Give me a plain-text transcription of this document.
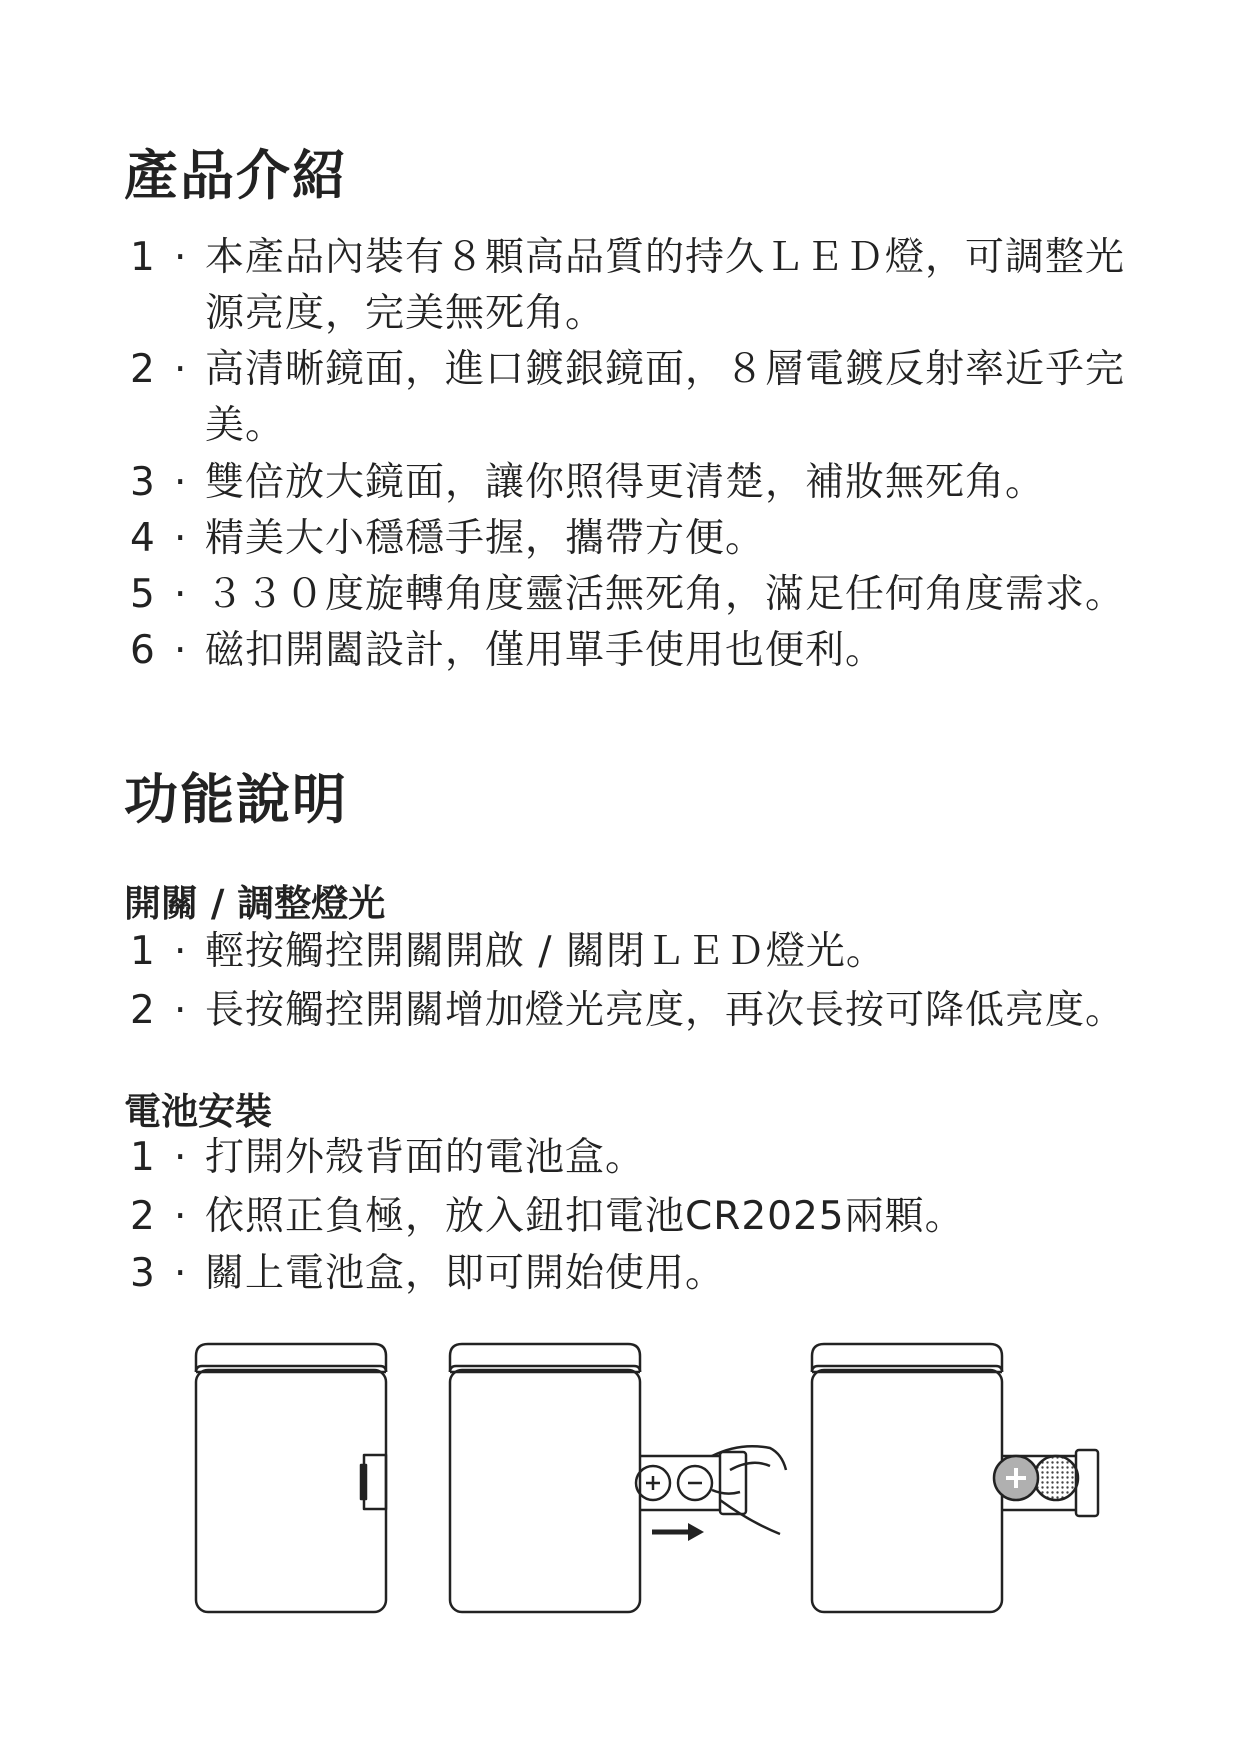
產品介紹
1 · 本產品內裝有８顆高品質的持久ＬＥＤ燈，可調整光源亮度，完美無死角。
2 · 高清晰鏡面，進口鍍銀鏡面，８層電鍍反射率近乎完美。
3 · 雙倍放大鏡面，讓你照得更清楚，補妝無死角。
4 · 精美大小穩穩手握，攜帶方便。
5 · ３３０度旋轉角度靈活無死角，滿足任何角度需求。
6 · 磁扣開闔設計，僅用單手使用也便利。
功能說明
開關 / 調整燈光
1 · 輕按觸控開關開啟 / 關閉ＬＥＤ燈光。
2 · 長按觸控開關增加燈光亮度，再次長按可降低亮度。
電池安裝
1 · 打開外殼背面的電池盒。
2 · 依照正負極，放入鈕扣電池CR2025兩顆。
3 · 關上電池盒，即可開始使用。
